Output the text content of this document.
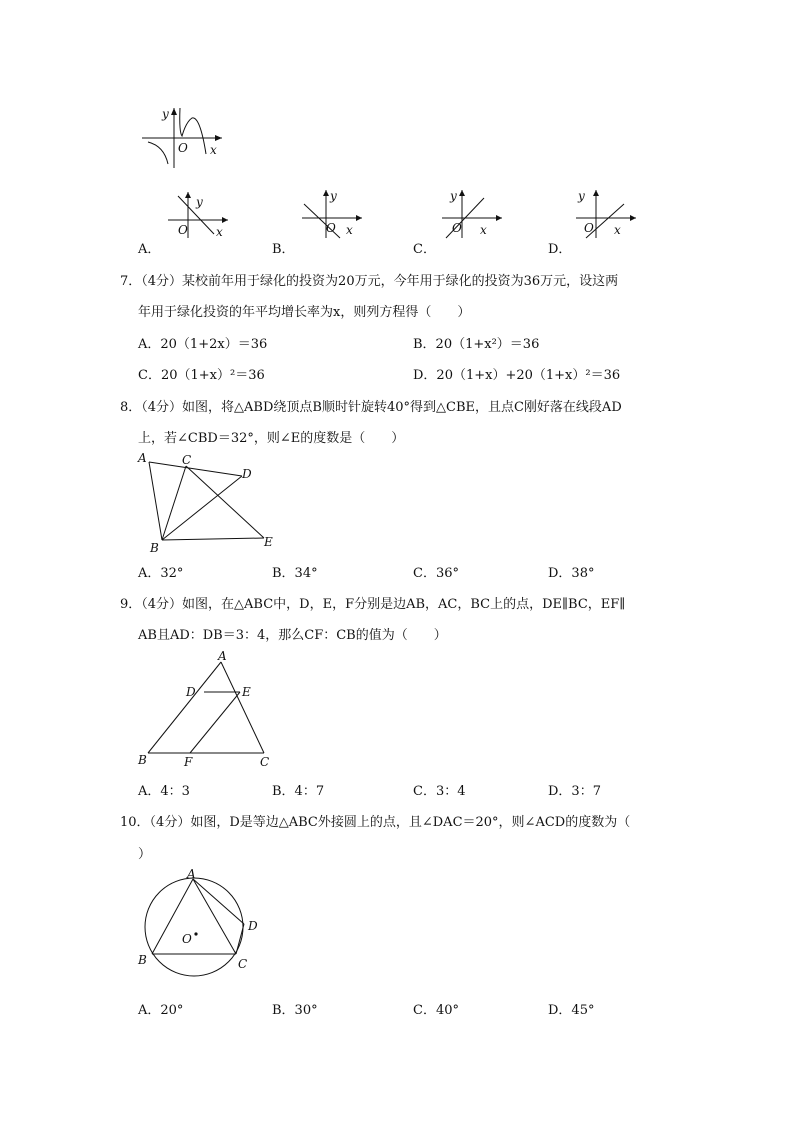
y
O x
A．
y
O x
B．
y
O x
C．
y
O x
D．
y
O x
7．（4分）某校前年用于绿化的投资为20万元，今年用于绿化的投资为36万元，设这两
年用于绿化投资的年平均增长率为x，则列方程得（　　）
A．20（1+2x）＝36	B．20（1+x²）＝36
C．20（1+x）²＝36	D．20（1+x）+20（1+x）²＝36
8．（4分）如图，将△ABD绕顶点B顺时针旋转40°得到△CBE，且点C刚好落在线段AD
上，若∠CBD＝32°，则∠E的度数是（　　）
A	C
D
B	E
A．32°	B．34°	C．36°	D．38°
9．（4分）如图，在△ABC中，D，E，F分别是边AB，AC，BC上的点，DE∥BC，EF∥
AB且AD：DB＝3：4，那么CF：CB的值为（　　）
A
D	E
B	F	C
A．4：3	B．4：7	C．3：4	D．3：7
10．（4分）如图，D是等边△ABC外接圆上的点，且∠DAC＝20°，则∠ACD的度数为（
）
A
O
D
B	C
A．20°	B．30°	C．40°	D．45°
